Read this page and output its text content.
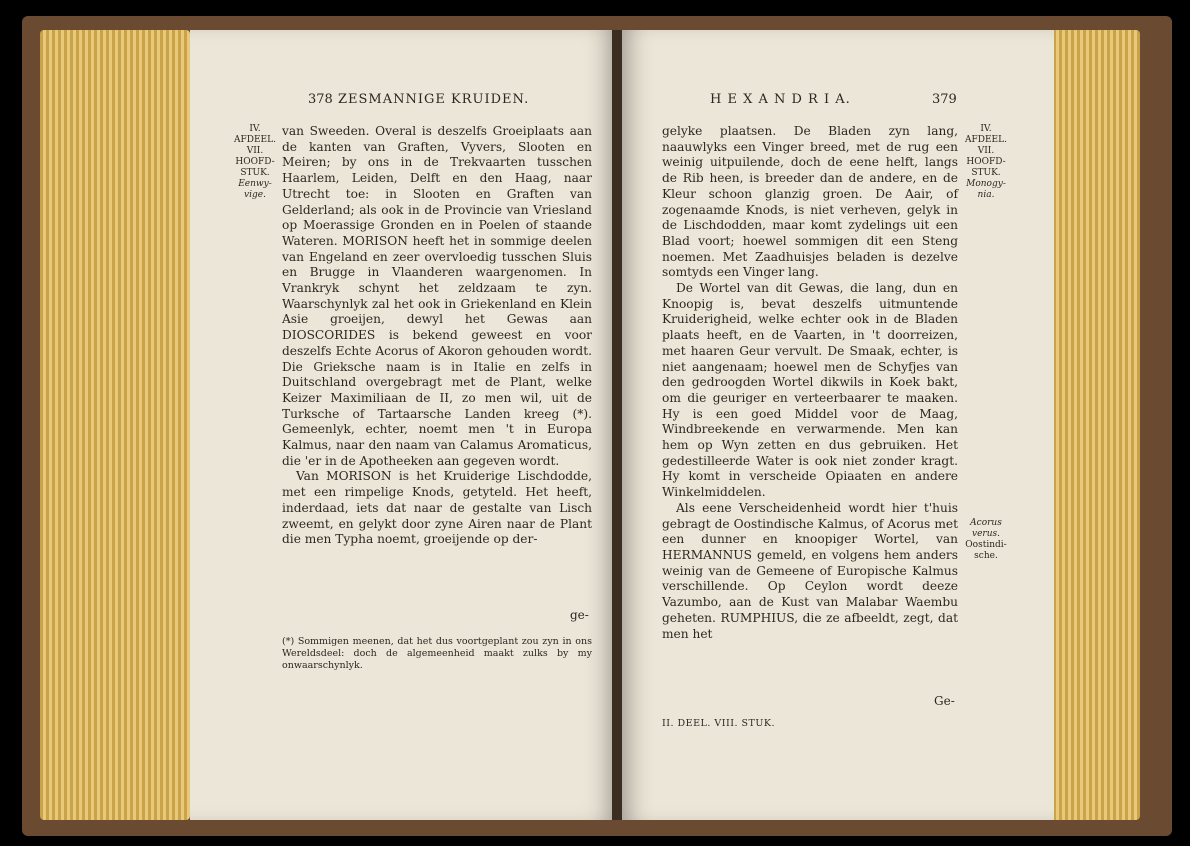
378 ZESMANNIGE KRUIDEN.
IV.
AFDEEL.
VII.
HOOFD-
STUK.
Eenwy-vige.

van Sweeden. Overal is deszelfs Groeiplaats aan de kanten van Graften, Vyvers, Slooten en Meiren; by ons in de Trekvaarten tusschen Haarlem, Leiden, Delft en den Haag, naar Utrecht toe: in Slooten en Graften van Gelderland; als ook in de Provincie van Vriesland op Moerassige Gronden en in Poelen of staande Wateren. MORISON heeft het in sommige deelen van Engeland en zeer overvloedig tusschen Sluis en Brugge in Vlaanderen waargenomen. In Vrankryk schynt het zeldzaam te zyn. Waarschynlyk zal het ook in Griekenland en Klein Asie groeijen, dewyl het Gewas aan DIOSCORIDES is bekend geweest en voor deszelfs Echte Acorus of Akoron gehouden wordt. Die Grieksche naam is in Italie en zelfs in Duitschland overgebragt met de Plant, welke Keizer Maximiliaan de II, zo men wil, uit de Turksche of Tartaarsche Landen kreeg (*). Gemeenlyk, echter, noemt men 't in Europa Kalmus, naar den naam van Calamus Aromaticus, die 'er in de Apotheeken aan gegeven wordt.

Van MORISON is het Kruiderige Lischdodde, met een rimpelige Knods, getyteld. Het heeft, inderdaad, iets dat naar de gestalte van Lisch zweemt, en gelykt door zyne Airen naar de Plant die men Typha noemt, groeijende op der-

ge-
(*) Sommigen meenen, dat het dus voortgeplant zou zyn in ons Wereldsdeel: doch de algemeenheid maakt zulks by my onwaarschynlyk.
H E X A N D R I A.	379

gelyke plaatsen. De Bladen zyn lang, naauwlyks een Vinger breed, met de rug een weinig uitpuilende, doch de eene helft, langs de Rib heen, is breeder dan de andere, en de Kleur schoon glanzig groen. De Aair, of zogenaamde Knods, is niet verheven, gelyk in de Lischdodden, maar komt zydelings uit een Blad voort; hoewel sommigen dit een Steng noemen. Met Zaadhuisjes beladen is dezelve somtyds een Vinger lang.

De Wortel van dit Gewas, die lang, dun en Knoopig is, bevat deszelfs uitmuntende Kruiderigheid, welke echter ook in de Bladen plaats heeft, en de Vaarten, in 't doorreizen, met haaren Geur vervult. De Smaak, echter, is niet aangenaam; hoewel men de Schyfjes van den gedroogden Wortel dikwils in Koek bakt, om die geuriger en verteerbaarer te maaken. Hy is een goed Middel voor de Maag, Windbreekende en verwarmende. Men kan hem op Wyn zetten en dus gebruiken. Het gedestilleerde Water is ook niet zonder kragt. Hy komt in verscheide Opiaaten en andere Winkelmiddelen.

Als eene Verscheidenheid wordt hier t'huis gebragt de Oostindische Kalmus, of Acorus met een dunner en knoopiger Wortel, van HERMANNUS gemeld, en volgens hem anders weinig van de Gemeene of Europische Kalmus verschillende. Op Ceylon wordt deeze Vazumbo, aan de Kust van Malabar Waembu geheten. RUMPHIUS, die ze afbeeldt, zegt, dat men het

IV.
AFDEEL.
VII.
HOOFD-
STUK.
Monogy-nia.
Acorus verus.
Oostindi-
sche.
Ge-
II. DEEL. VIII. STUK.
